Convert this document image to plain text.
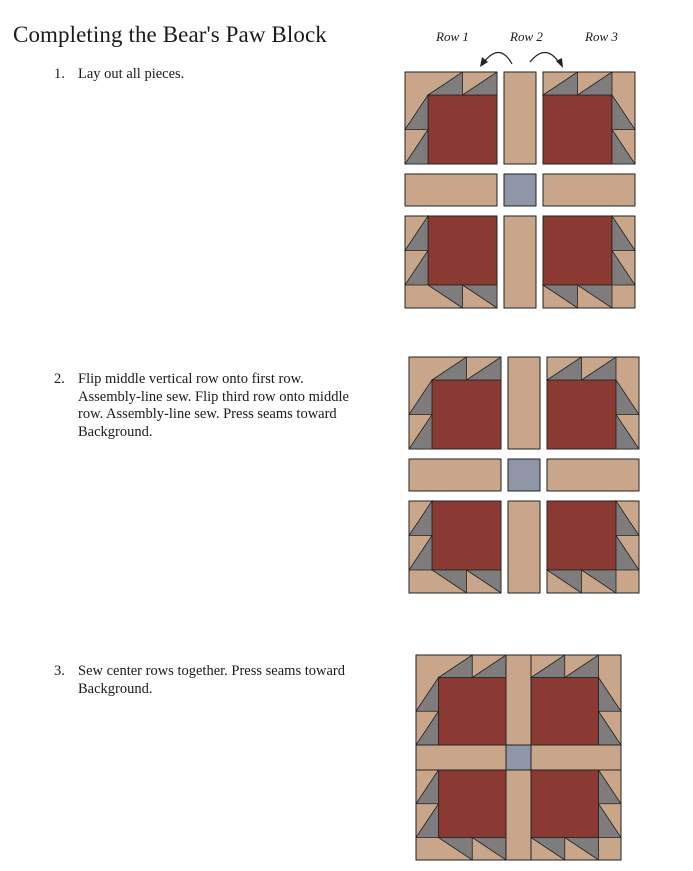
Completing the Bear's Paw Block
1. Lay out all pieces.
2. Flip middle vertical row onto first row. Assembly-line sew. Flip third row onto middle row. Assembly-line sew. Press seams toward Background.
3. Sew center rows together. Press seams toward Background.
Row 1	Row 2	Row 3
